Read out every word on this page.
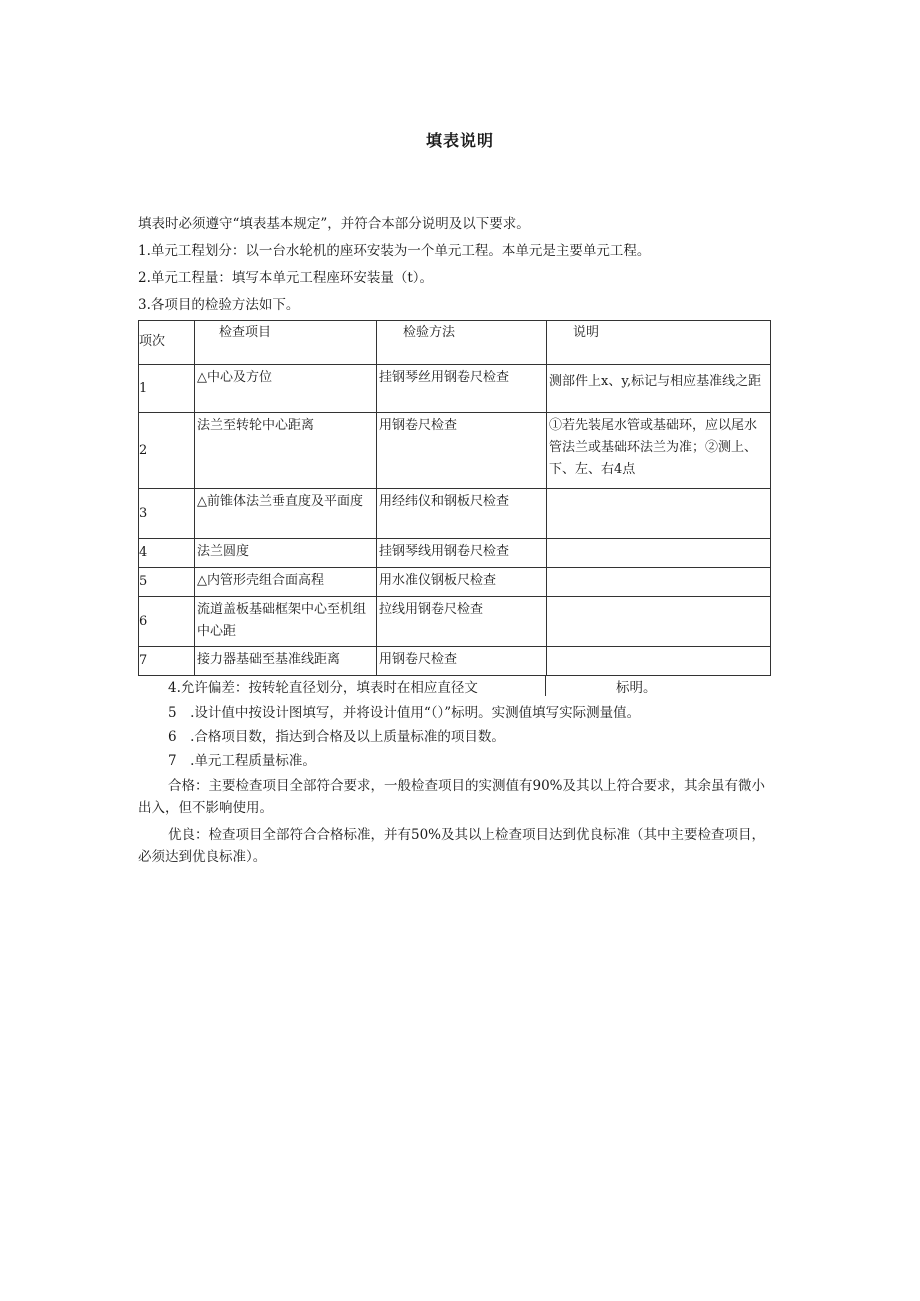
填表说明
填表时必须遵守“填表基本规定”，并符合本部分说明及以下要求。
1.单元工程划分：以一台水轮机的座环安装为一个单元工程。本单元是主要单元工程。
2.单元工程量：填写本单元工程座环安装量（t）。
3.各项目的检验方法如下。
项次	检查项目	检验方法	说明
1	△中心及方位	挂钢琴丝用钢卷尺检查	测部件上x、y,标记与相应基准线之距
2	法兰至转轮中心距离	用钢卷尺检查	①若先装尾水管或基础环，应以尾水管法兰或基础环法兰为准；②测上、下、左、右4点
3	△前锥体法兰垂直度及平面度	用经纬仪和钢板尺检查	
4	法兰圆度	挂钢琴线用钢卷尺检查	
5	△内管形壳组合面高程	用水准仪钢板尺检查	
6	流道盖板基础框架中心至机组中心距	拉线用钢卷尺检查	
7	接力器基础至基准线距离	用钢卷尺检查	
4.允许偏差：按转轮直径划分，填表时在相应直径文	标明。
5　.设计值中按设计图填写，并将设计值用“（）”标明。实测值填写实际测量值。
6　.合格项目数，指达到合格及以上质量标准的项目数。
7　.单元工程质量标准。
合格：主要检查项目全部符合要求，一般检查项目的实测值有90%及其以上符合要求，其余虽有微小出入，但不影响使用。
优良：检查项目全部符合合格标准，并有50%及其以上检查项目达到优良标准（其中主要检查项目，必须达到优良标准）。
